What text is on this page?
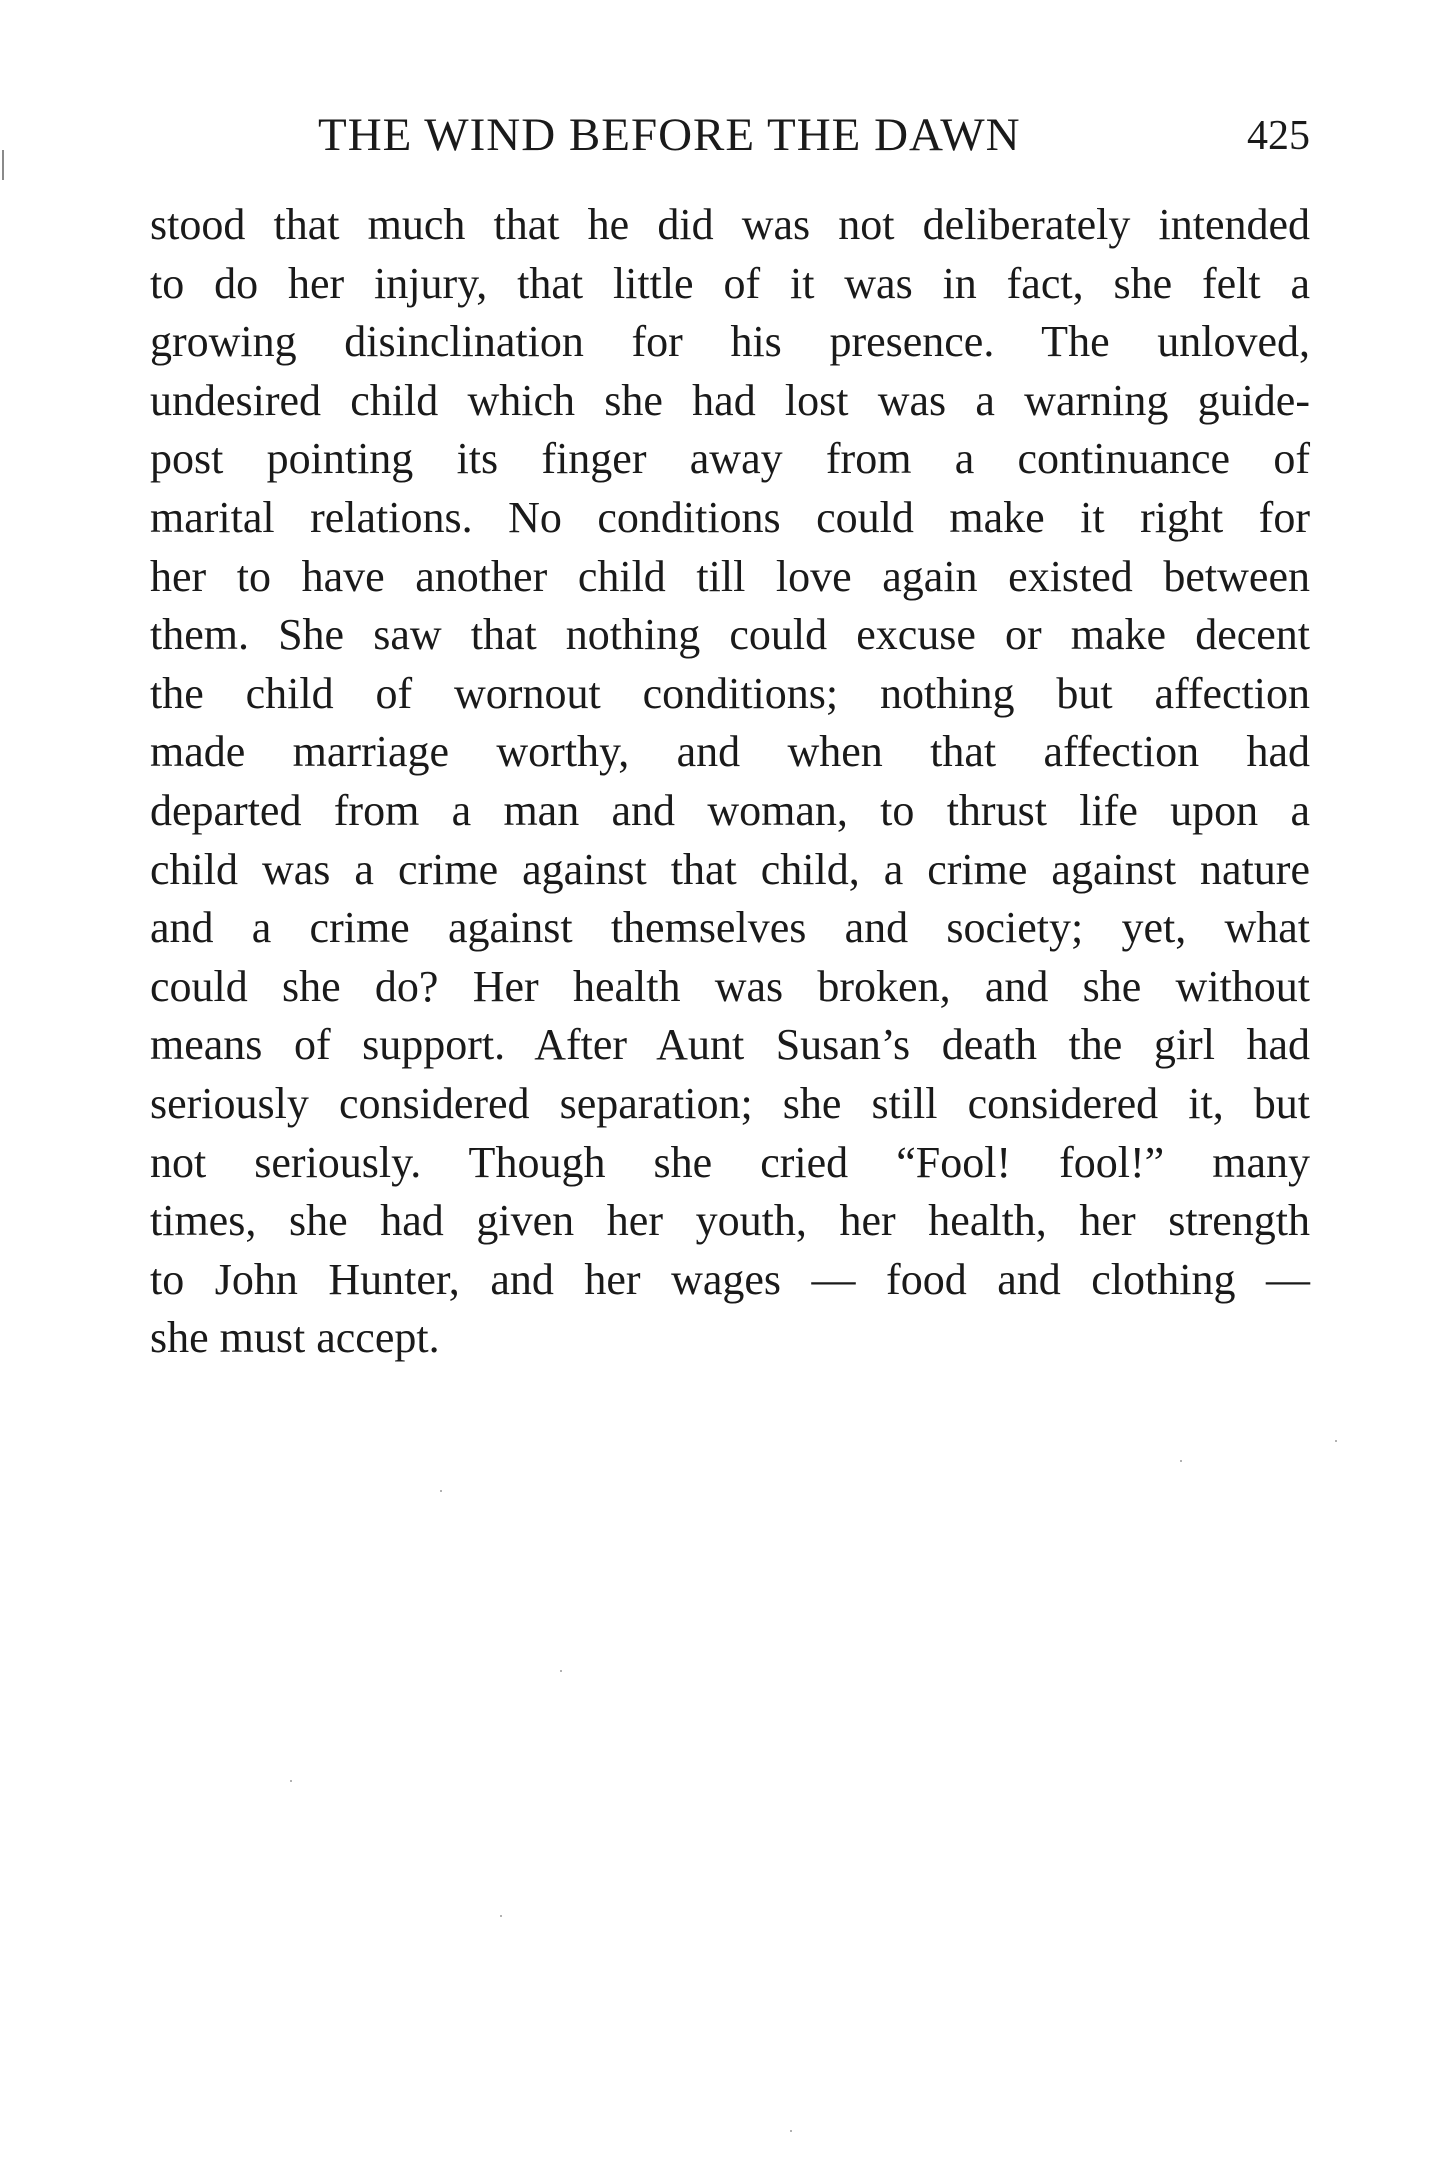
THE WIND BEFORE THE DAWN	425
stood that much that he did was not deliberately intended
to do her injury, that little of it was in fact, she felt a
growing disinclination for his presence. The unloved,
undesired child which she had lost was a warning guide-
post pointing its finger away from a continuance of
marital relations. No conditions could make it right for
her to have another child till love again existed between
them. She saw that nothing could excuse or make decent
the child of wornout conditions; nothing but affection
made marriage worthy, and when that affection had
departed from a man and woman, to thrust life upon a
child was a crime against that child, a crime against nature
and a crime against themselves and society; yet, what
could she do? Her health was broken, and she without
means of support. After Aunt Susan’s death the girl had
seriously considered separation; she still considered it, but
not seriously. Though she cried “Fool! fool!” many
times, she had given her youth, her health, her strength
to John Hunter, and her wages — food and clothing —
she must accept.
